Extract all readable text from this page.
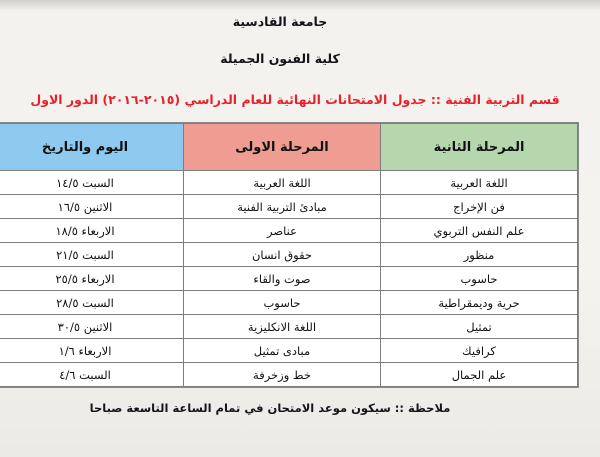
جامعة القادسية
كلية الفنون الجميلة
قسم التربية الفنية :: جدول الامتحانات النهائية للعام الدراسي (٢٠١٥-٢٠١٦) الدور الاول
المرحلة الثانية	المرحلة الاولى	اليوم والتاريخ
اللغة العربية	اللغة العربية	السبت ١٤/٥
فن الإخراج	مبادئ التربية الفنية	الاثنين ١٦/٥
علم النفس التربوي	عناصر	الاربعاء ١٨/٥
منظور	حقوق انسان	السبت ٢١/٥
حاسوب	صوت والقاء	الاربعاء ٢٥/٥
حرية وديمقراطية	حاسوب	السبت ٢٨/٥
تمثيل	اللغة الانكليزية	الاثنين ٣٠/٥
كرافيك	مبادى تمثيل	الاربعاء ١/٦
علم الجمال	خط وزخرفة	السبت ٤/٦
ملاحظة :: سيكون موعد الامتحان في تمام الساعة التاسعة صباحا
